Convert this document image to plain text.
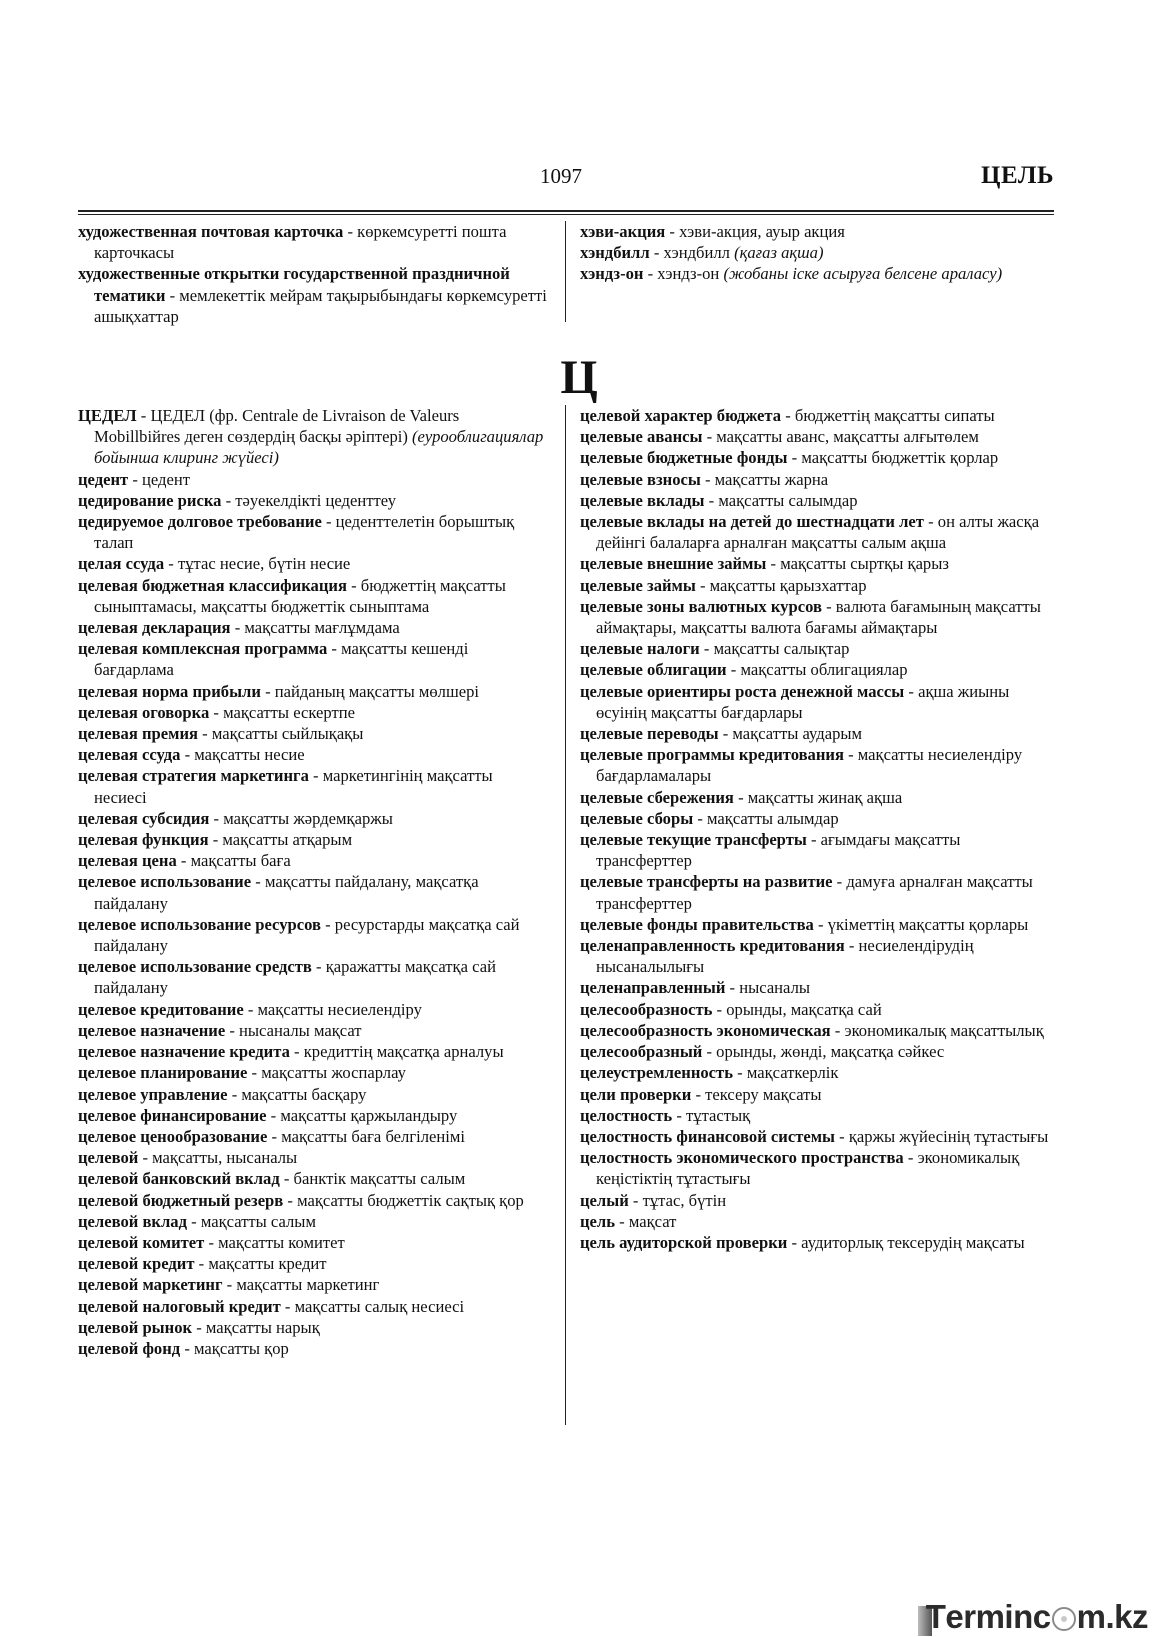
1097	ЦЕЛЬ

художественная почтовая карточка - көркемсуретті пошта карточкасы

художественные открытки государственной праздничной тематики - мемлекеттік мейрам тақырыбындағы көркемсуретті ашықхаттар

хэви-акция - хэви-акция, ауыр акция

хэндбилл - хэндбилл (қағаз ақша)

хэндз-он - хэндз-он (жобаны іске асыруға белсене араласу)

Ц

ЦЕДЕЛ - ЦЕДЕЛ (фр. Centrale de Livraison de Valeurs Mobillbiйres деген сөздердің басқы әріптері) (еурооблигациялар бойынша клиринг жүйесі)

цедент - цедент

цедирование риска - тәуекелдікті цеденттеу

цедируемое долговое требование - цеденттелетін борыштық талап

целая ссуда - тұтас несие, бүтін несие

целевая бюджетная классификация - бюджеттің мақсатты сыныптамасы, мақсатты бюджеттік сыныптама

целевая декларация - мақсатты мағлұмдама

целевая комплексная программа - мақсатты кешенді бағдарлама

целевая норма прибыли - пайданың мақсатты мөлшері

целевая оговорка - мақсатты ескертпе

целевая премия - мақсатты сыйлықақы

целевая ссуда - мақсатты несие

целевая стратегия маркетинга - маркетингінің мақсатты несиесі

целевая субсидия - мақсатты жәрдемқаржы

целевая функция - мақсатты атқарым

целевая цена - мақсатты баға

целевое использование - мақсатты пайдалану, мақсатқа пайдалану

целевое использование ресурсов - ресурстарды мақсатқа сай пайдалану

целевое использование средств - қаражатты мақсатқа сай пайдалану

целевое кредитование - мақсатты несиелендіру

целевое назначение - нысаналы мақсат

целевое назначение кредита - кредиттің мақсатқа арналуы

целевое планирование - мақсатты жоспарлау

целевое управление - мақсатты басқару

целевое финансирование - мақсатты қаржыландыру

целевое ценообразование - мақсатты баға белгіленімі

целевой - мақсатты, нысаналы

целевой банковский вклад - банктік мақсатты салым

целевой бюджетный резерв - мақсатты бюджеттік сақтық қор

целевой вклад - мақсатты салым

целевой комитет - мақсатты комитет

целевой кредит - мақсатты кредит

целевой маркетинг - мақсатты маркетинг

целевой налоговый кредит - мақсатты салық несиесі

целевой рынок - мақсатты нарық

целевой фонд - мақсатты қор

целевой характер бюджета - бюджеттің мақсатты сипаты

целевые авансы - мақсатты аванс, мақсатты алғытөлем

целевые бюджетные фонды - мақсатты бюджеттік қорлар

целевые взносы - мақсатты жарна

целевые вклады - мақсатты салымдар

целевые вклады на детей до шестнадцати лет - он алты жасқа дейінгі балаларға арналған мақсатты салым ақша

целевые внешние займы - мақсатты сыртқы қарыз

целевые займы - мақсатты қарызхаттар

целевые зоны валютных курсов - валюта бағамының мақсатты аймақтары, мақсатты валюта бағамы аймақтары

целевые налоги - мақсатты салықтар

целевые облигации - мақсатты облигациялар

целевые ориентиры роста денежной массы - ақша жиыны өсуінің мақсатты бағдарлары

целевые переводы - мақсатты аударым

целевые программы кредитования - мақсатты несиелендіру бағдарламалары

целевые сбережения - мақсатты жинақ ақша

целевые сборы - мақсатты алымдар

целевые текущие трансферты - ағымдағы мақсатты трансферттер

целевые трансферты на развитие - дамуға арналған мақсатты трансферттер

целевые фонды правительства - үкіметтің мақсатты қорлары

целенаправленность кредитования - несиелендірудің нысаналылығы

целенаправленный - нысаналы

целесообразность - орынды, мақсатқа сай

целесообразность экономическая - экономикалық мақсаттылық

целесообразный - орынды, жөнді, мақсатқа сәйкес

целеустремленность - мақсаткерлік

цели проверки - тексеру мақсаты

целостность - тұтастық

целостность финансовой системы - қаржы жүйесінің тұтастығы

целостность экономического пространства - экономикалық кеңістіктің тұтастығы

целый - тұтас, бүтін

цель - мақсат

цель аудиторской проверки - аудиторлық тексерудің мақсаты

T ermin c m.kz
